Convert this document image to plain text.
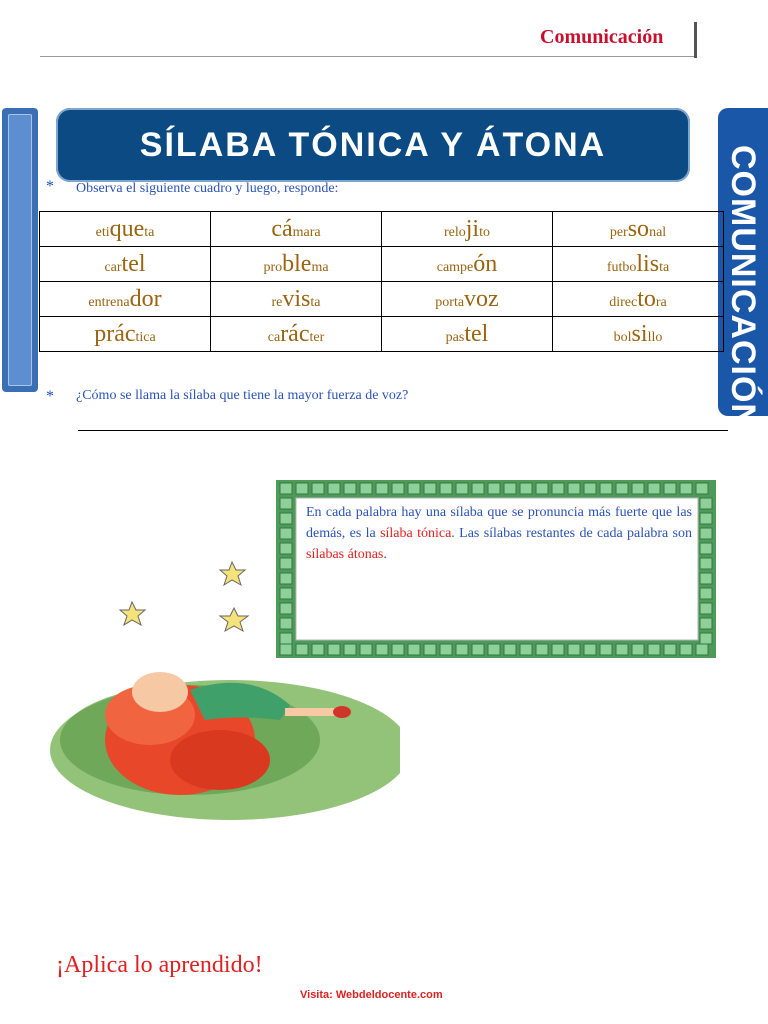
Comunicación
SÍLABA TÓNICA Y ÁTONA	COMUNICACIÓN
* Observa el siguiente cuadro y luego, responde:
etiqueta	cámara	relojito	personal
cartel	problema	campeón	futbolista
entrenador	revista	portavoz	directora
práctica	carácter	pastel	bolsillo
* ¿Cómo se llama la sílaba que tiene la mayor fuerza de voz?
En cada palabra hay una sílaba que se pronuncia más fuerte que las demás, es la sílaba tónica. Las sílabas restantes de cada palabra son sílabas átonas.
¡Aplica lo aprendido!
Visita: Webdeldocente.com
